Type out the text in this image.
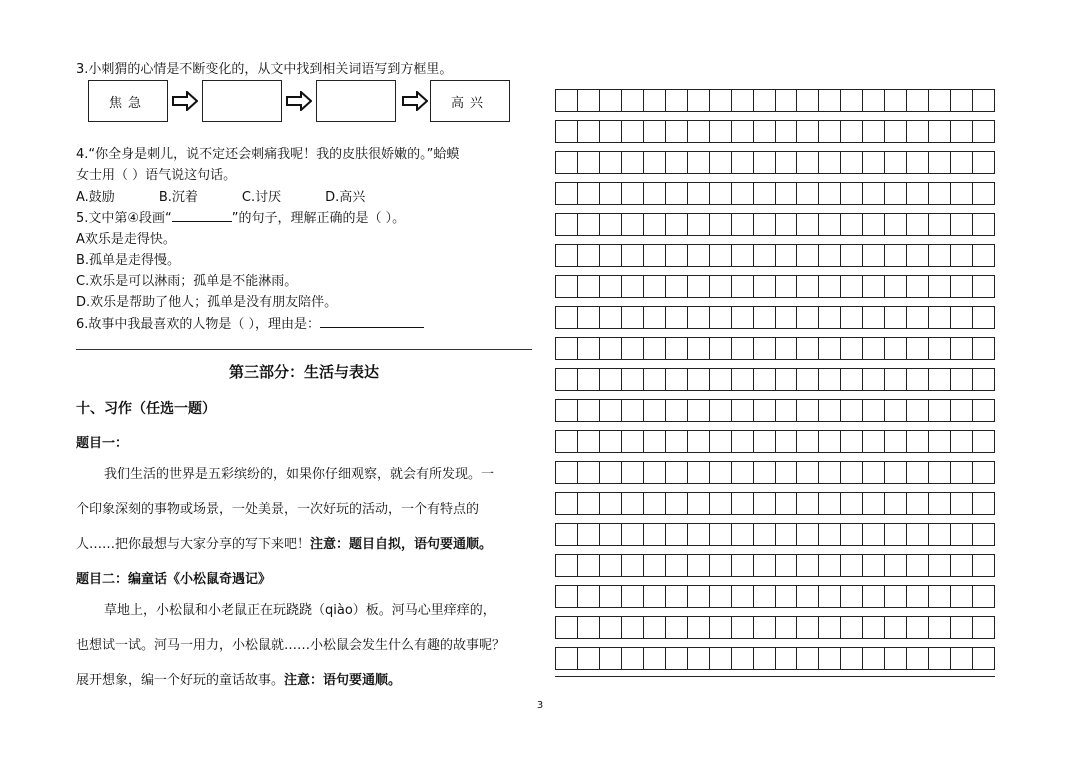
3.小刺猬的心情是不断变化的，从文中找到相关词语写到方框里。
焦急	高兴
4.“你全身是刺儿，说不定还会刺痛我呢！我的皮肤很娇嫩的。”蛤蟆
女士用（ ）语气说这句话。
A.鼓励	B.沉着	C.讨厌	D.高兴
5.文中第④段画“	”的句子，理解正确的是（ ）。
A欢乐是走得快。
B.孤单是走得慢。
C.欢乐是可以淋雨；孤单是不能淋雨。
D.欢乐是帮助了他人；孤单是没有朋友陪伴。
6.故事中我最喜欢的人物是（ ），理由是：
第三部分：生活与表达
十、习作（任选一题）
题目一：
我们生活的世界是五彩缤纷的，如果你仔细观察，就会有所发现。一
个印象深刻的事物或场景，一处美景，一次好玩的活动，一个有特点的
人……把你最想与大家分享的写下来吧！注意：题目自拟，语句要通顺。
题目二：编童话《小松鼠奇遇记》
草地上，小松鼠和小老鼠正在玩跷跷（qiào）板。河马心里痒痒的，
也想试一试。河马一用力，小松鼠就……小松鼠会发生什么有趣的故事呢？
展开想象，编一个好玩的童话故事。注意：语句要通顺。
3
